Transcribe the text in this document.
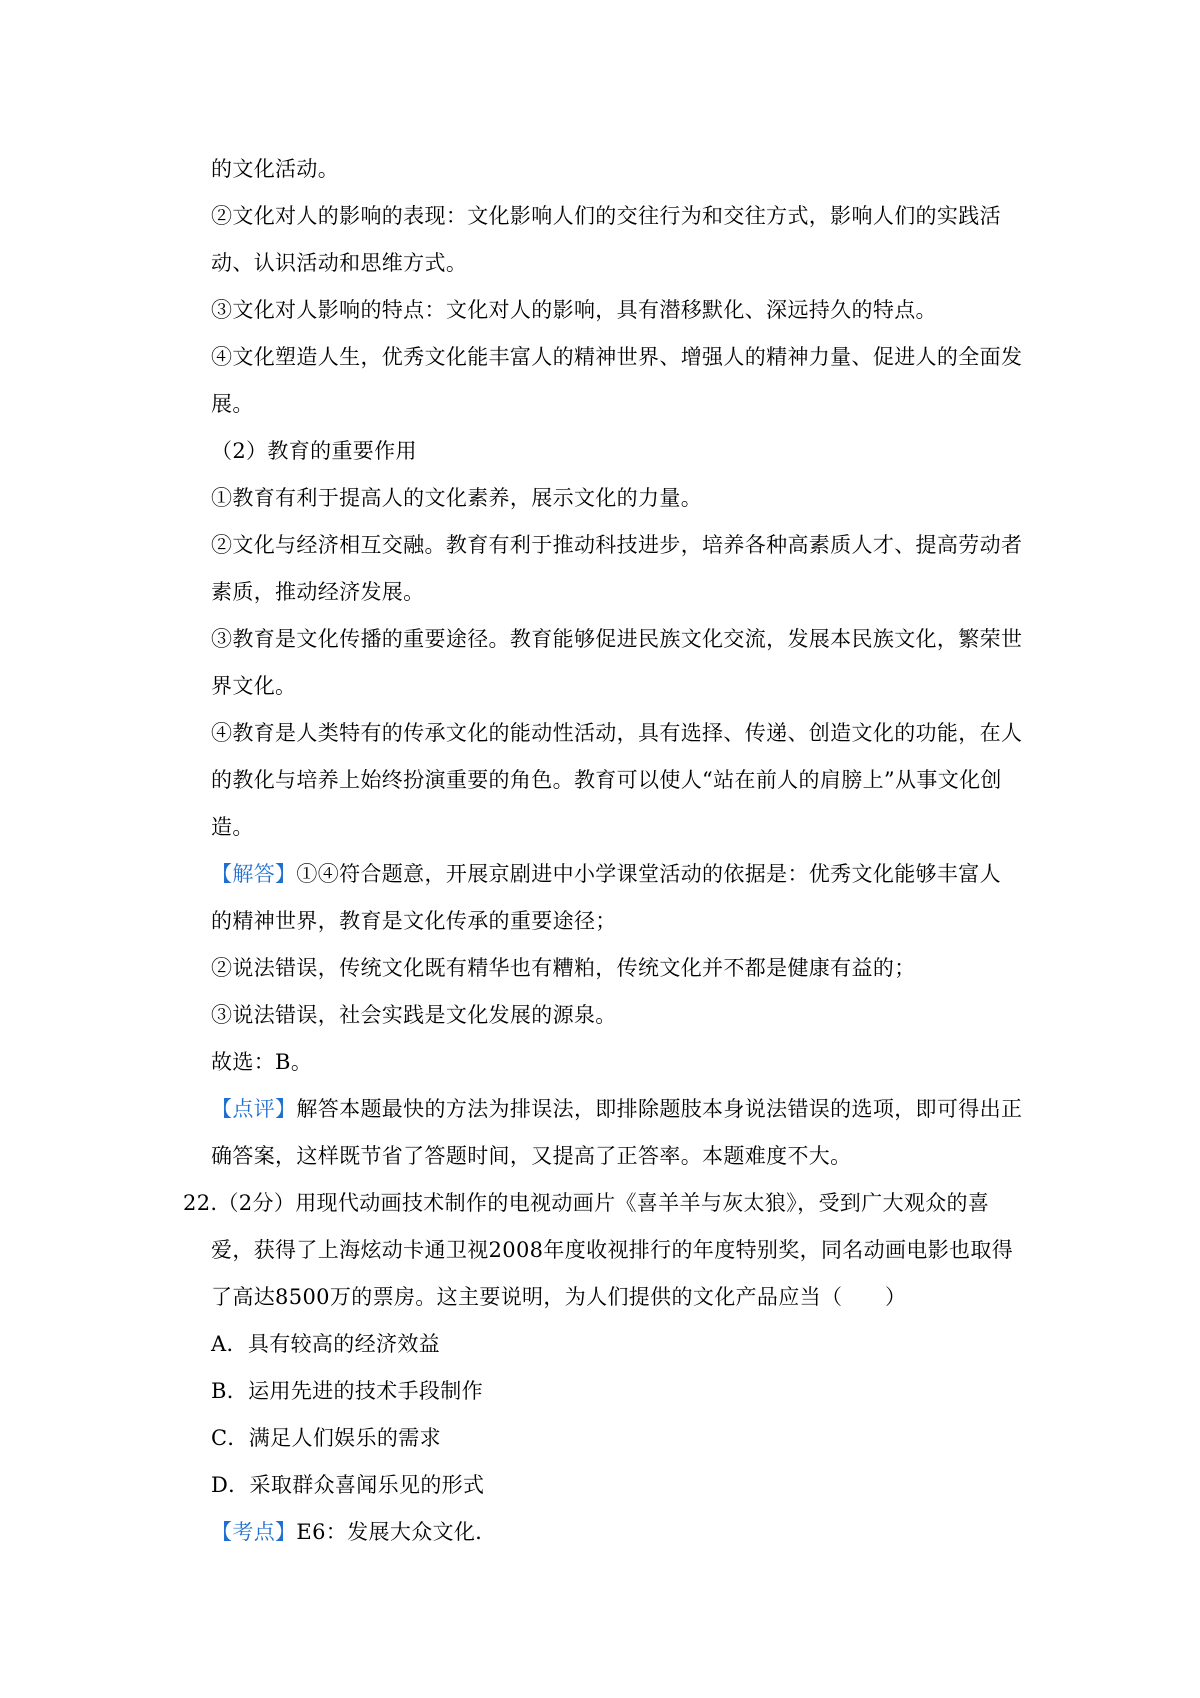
的文化活动。
②文化对人的影响的表现：文化影响人们的交往行为和交往方式，影响人们的实践活
动、认识活动和思维方式。
③文化对人影响的特点：文化对人的影响，具有潜移默化、深远持久的特点。
④文化塑造人生，优秀文化能丰富人的精神世界、增强人的精神力量、促进人的全面发
展。
（2）教育的重要作用
①教育有利于提高人的文化素养，展示文化的力量。
②文化与经济相互交融。教育有利于推动科技进步，培养各种高素质人才、提高劳动者
素质，推动经济发展。
③教育是文化传播的重要途径。教育能够促进民族文化交流，发展本民族文化，繁荣世
界文化。
④教育是人类特有的传承文化的能动性活动，具有选择、传递、创造文化的功能，在人
的教化与培养上始终扮演重要的角色。教育可以使人“站在前人的肩膀上”从事文化创
造。
【解答】①④符合题意，开展京剧进中小学课堂活动的依据是：优秀文化能够丰富人
的精神世界，教育是文化传承的重要途径；
②说法错误，传统文化既有精华也有糟粕，传统文化并不都是健康有益的；
③说法错误，社会实践是文化发展的源泉。
故选：B。
【点评】解答本题最快的方法为排误法，即排除题肢本身说法错误的选项，即可得出正
确答案，这样既节省了答题时间，又提高了正答率。本题难度不大。
22.（2分）用现代动画技术制作的电视动画片《喜羊羊与灰太狼》，受到广大观众的喜
爱，获得了上海炫动卡通卫视2008年度收视排行的年度特别奖，同名动画电影也取得
了高达8500万的票房。这主要说明，为人们提供的文化产品应当（　　）
A．具有较高的经济效益
B．运用先进的技术手段制作
C．满足人们娱乐的需求
D．采取群众喜闻乐见的形式
【考点】E6：发展大众文化．
